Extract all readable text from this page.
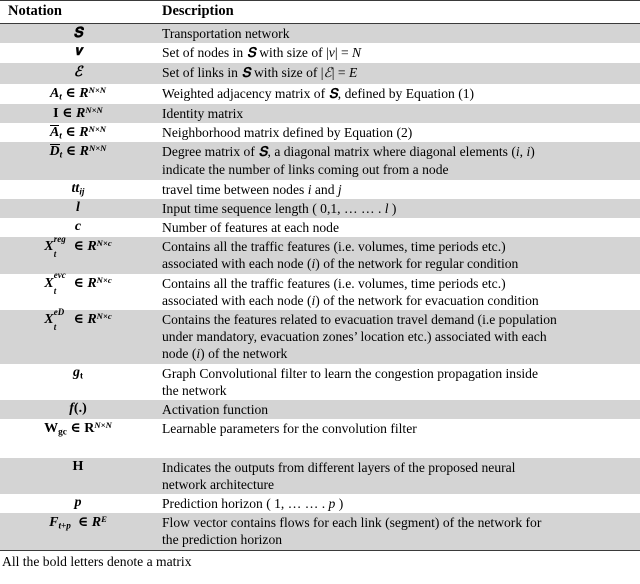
Notation	Description
𝐒	Transportation network

𝐯	Set of nodes in 𝐒 with size of |v| = N

ℰ	Set of links in 𝐒 with size of |ℰ| = E

$A_t$ ∈ $R^{N\times N}$	Weighted adjacency matrix of 𝐒, defined by Equation (1)

I ∈ $R^{N\times N}$	Identity matrix

$A_t$ ∈ $R^{N\times N}$	Neighborhood matrix defined by Equation (2)

$D_t$ ∈ $R^{N\times N}$	Degree matrix of 𝐒, a diagonal matrix where diagonal elements (i, i)
indicate the number of links coming out from a node

$tt_{ij}$	travel time between nodes i and j

l	Input time sequence length ( 0,1, … … . l )

c	Number of features at each node

X
reg
t ∈ $R^{N\times c}$	Contains all the traffic features (i.e. volumes, time periods etc.)
associated with each node (i) of the network for regular condition

X
evc
t ∈ $R^{N\times c}$	Contains all the traffic features (i.e. volumes, time periods etc.)
associated with each node (i) of the network for evacuation condition

X
eD
t ∈ $R^{N\times c}$	Contains the features related to evacuation travel demand (i.e population
under mandatory, evacuation zones’ location etc.) associated with each
node (i) of the network

$g_t$	Graph Convolutional filter to learn the congestion propagation inside
the network

f(.)	Activation function

$W_{gc}$ ∈ $R^{N\times N}$	Learnable parameters for the convolution filter

H	Indicates the outputs from different layers of the proposed neural
network architecture

p	Prediction horizon ( 1, … … . p )

$F_{t+p}$  ∈ $R^E$	Flow vector contains flows for each link (segment) of the network for
the prediction horizon
All the bold letters denote a matrix
